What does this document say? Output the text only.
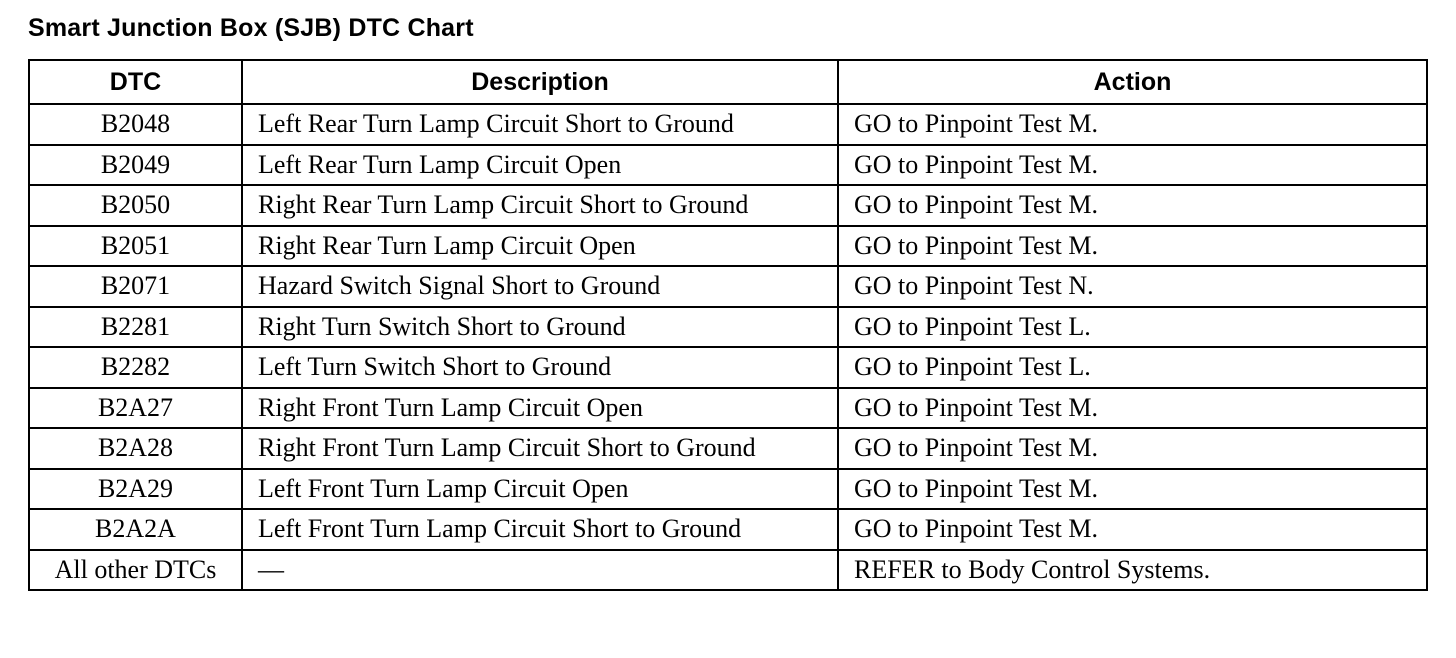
Smart Junction Box (SJB) DTC Chart
DTC	Description	Action
B2048	Left Rear Turn Lamp Circuit Short to Ground	GO to Pinpoint Test M.
B2049	Left Rear Turn Lamp Circuit Open	GO to Pinpoint Test M.
B2050	Right Rear Turn Lamp Circuit Short to Ground	GO to Pinpoint Test M.
B2051	Right Rear Turn Lamp Circuit Open	GO to Pinpoint Test M.
B2071	Hazard Switch Signal Short to Ground	GO to Pinpoint Test N.
B2281	Right Turn Switch Short to Ground	GO to Pinpoint Test L.
B2282	Left Turn Switch Short to Ground	GO to Pinpoint Test L.
B2A27	Right Front Turn Lamp Circuit Open	GO to Pinpoint Test M.
B2A28	Right Front Turn Lamp Circuit Short to Ground	GO to Pinpoint Test M.
B2A29	Left Front Turn Lamp Circuit Open	GO to Pinpoint Test M.
B2A2A	Left Front Turn Lamp Circuit Short to Ground	GO to Pinpoint Test M.
All other DTCs	—	REFER to Body Control Systems.
